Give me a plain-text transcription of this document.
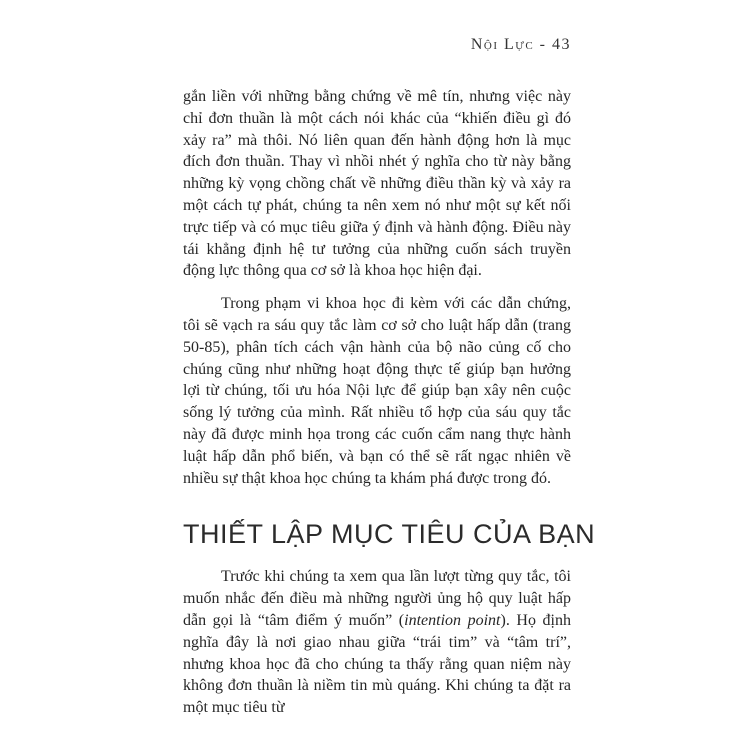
Nội Lực - 43

gắn liền với những bằng chứng về mê tín, nhưng việc này chỉ đơn thuần là một cách nói khác của “khiến điều gì đó xảy ra” mà thôi. Nó liên quan đến hành động hơn là mục đích đơn thuần. Thay vì nhồi nhét ý nghĩa cho từ này bằng những kỳ vọng chồng chất về những điều thần kỳ và xảy ra một cách tự phát, chúng ta nên xem nó như một sự kết nối trực tiếp và có mục tiêu giữa ý định và hành động. Điều này tái khẳng định hệ tư tưởng của những cuốn sách truyền động lực thông qua cơ sở là khoa học hiện đại.

Trong phạm vi khoa học đi kèm với các dẫn chứng, tôi sẽ vạch ra sáu quy tắc làm cơ sở cho luật hấp dẫn (trang 50-85), phân tích cách vận hành của bộ não củng cố cho chúng cũng như những hoạt động thực tế giúp bạn hưởng lợi từ chúng, tối ưu hóa Nội lực để giúp bạn xây nên cuộc sống lý tưởng của mình. Rất nhiều tổ hợp của sáu quy tắc này đã được minh họa trong các cuốn cẩm nang thực hành luật hấp dẫn phổ biến, và bạn có thể sẽ rất ngạc nhiên về nhiều sự thật khoa học chúng ta khám phá được trong đó.

THIẾT LẬP MỤC TIÊU CỦA BẠN

Trước khi chúng ta xem qua lần lượt từng quy tắc, tôi muốn nhắc đến điều mà những người ủng hộ quy luật hấp dẫn gọi là “tâm điểm ý muốn” (intention point). Họ định nghĩa đây là nơi giao nhau giữa “trái tim” và “tâm trí”, nhưng khoa học đã cho chúng ta thấy rằng quan niệm này không đơn thuần là niềm tin mù quáng. Khi chúng ta đặt ra một mục tiêu từ
